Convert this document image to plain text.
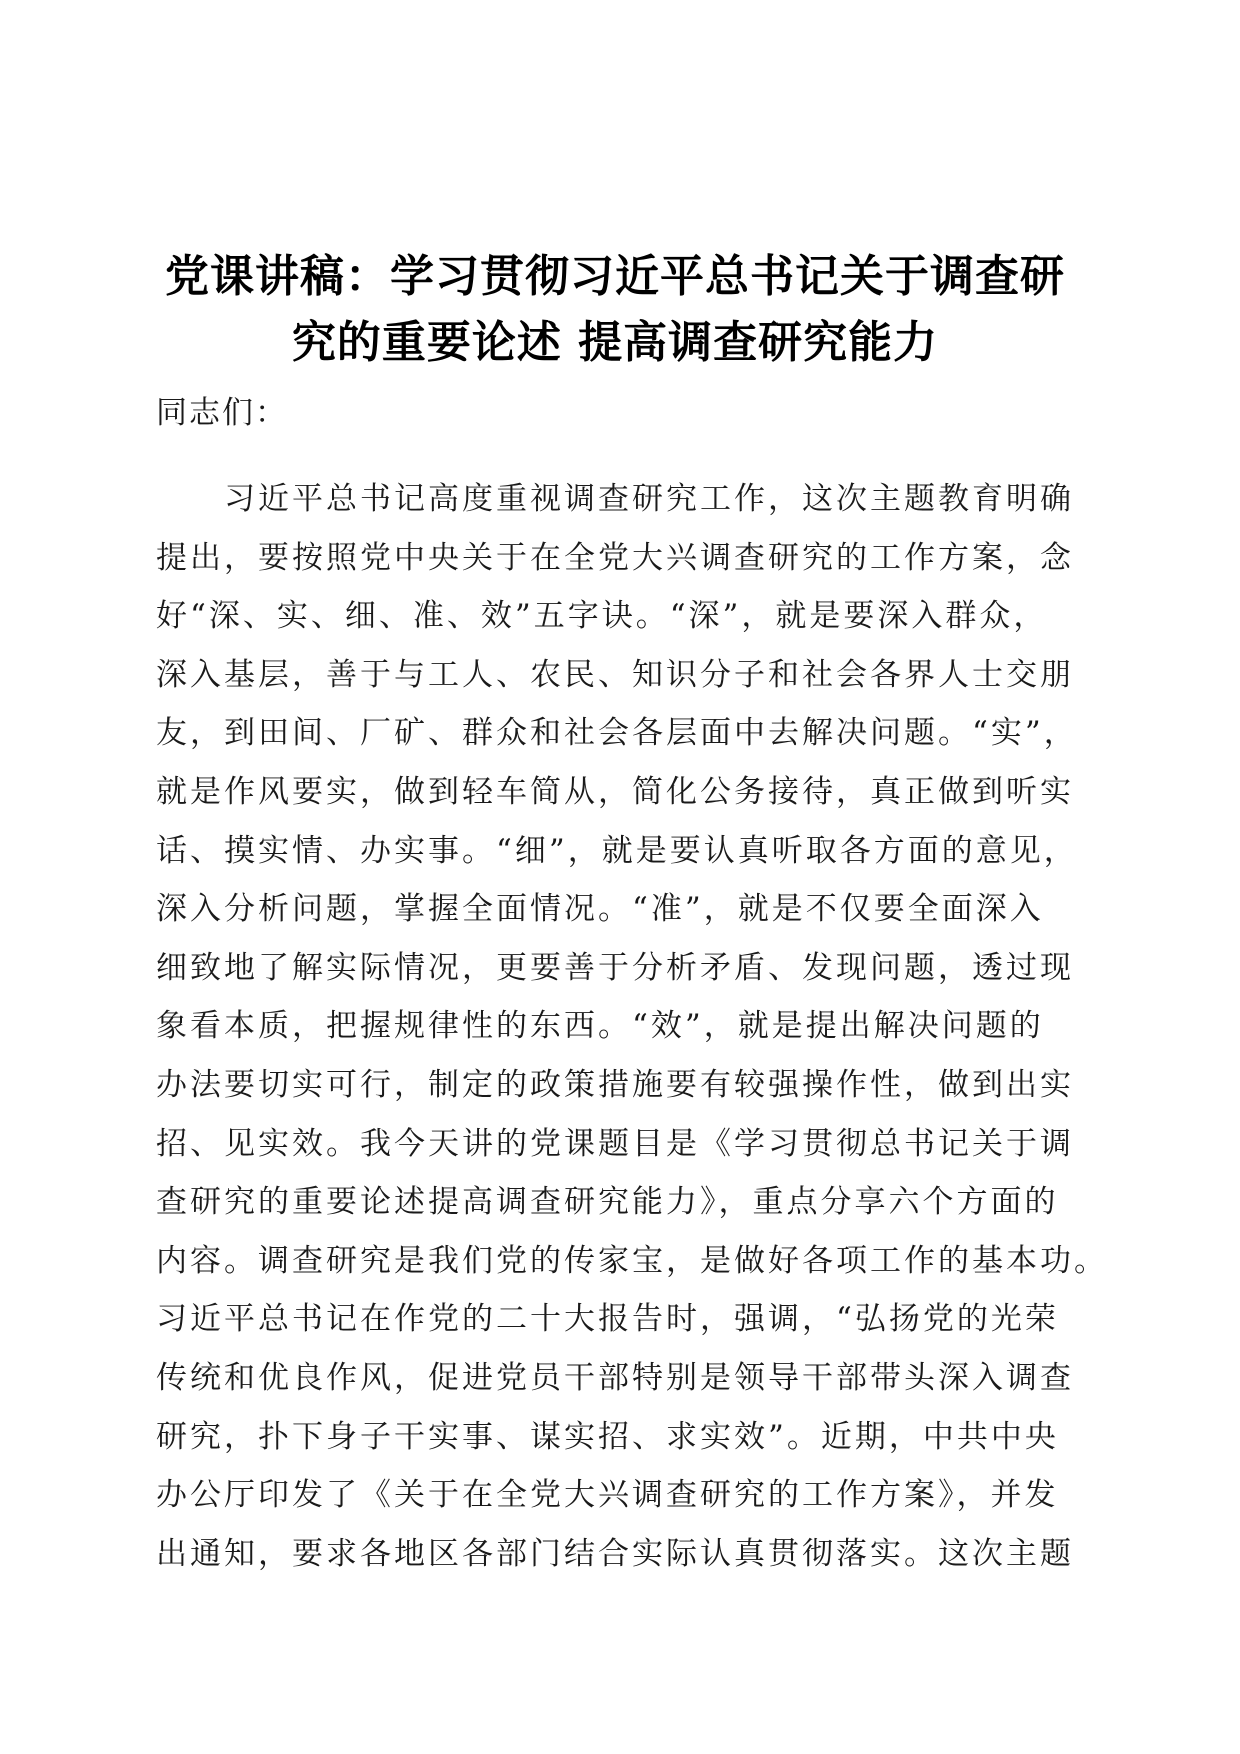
党课讲稿：学习贯彻习近平总书记关于调查研
究的重要论述 提高调查研究能力

同志们：

习近平总书记高度重视调查研究工作，这次主题教育明确
提出，要按照党中央关于在全党大兴调查研究的工作方案，念
好“深、实、细、准、效”五字诀。“深”，就是要深入群众，
深入基层，善于与工人、农民、知识分子和社会各界人士交朋
友，到田间、厂矿、群众和社会各层面中去解决问题。“实”，
就是作风要实，做到轻车简从，简化公务接待，真正做到听实
话、摸实情、办实事。“细”，就是要认真听取各方面的意见，
深入分析问题，掌握全面情况。“准”，就是不仅要全面深入
细致地了解实际情况，更要善于分析矛盾、发现问题，透过现
象看本质，把握规律性的东西。“效”，就是提出解决问题的
办法要切实可行，制定的政策措施要有较强操作性，做到出实
招、见实效。我今天讲的党课题目是《学习贯彻总书记关于调
查研究的重要论述提高调查研究能力》，重点分享六个方面的
内容。调查研究是我们党的传家宝，是做好各项工作的基本功。
习近平总书记在作党的二十大报告时，强调，“弘扬党的光荣
传统和优良作风，促进党员干部特别是领导干部带头深入调查
研究，扑下身子干实事、谋实招、求实效”。近期，中共中央
办公厅印发了《关于在全党大兴调查研究的工作方案》，并发
出通知，要求各地区各部门结合实际认真贯彻落实。这次主题
